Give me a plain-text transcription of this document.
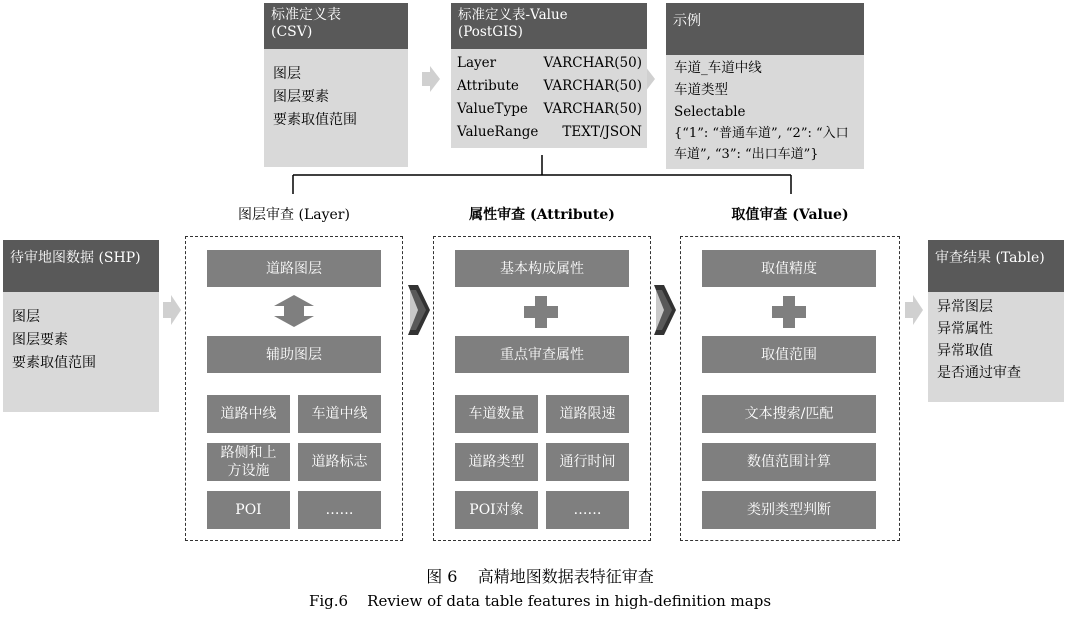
标准定义表
(CSV)
图层
图层要素
要素取值范围
标准定义表-Value
(PostGIS)
Layer	VARCHAR(50)
Attribute VARCHAR(50)
ValueType VARCHAR(50)
ValueRange TEXT/JSON
示例
车道_车道中线
车道类型
Selectable
{“1”: “普通车道”, “2”: “入口车道”, “3”: “出口车道”}
待审地图数据 (SHP)
图层
图层要素
要素取值范围
审查结果 (Table)
异常图层
异常属性
异常取值
是否通过审查
图层审查 (Layer)	属性审查 (Attribute)	取值审查 (Value)
道路图层
辅助图层
道路中线	车道中线
路侧和上方设施
道路标志
POI	……
基本构成属性
重点审查属性
车道数量	道路限速
道路类型	通行时间
POI对象	……
取值精度
取值范围
文本搜索/匹配
数值范围计算
类别类型判断
图 6    高精地图数据表特征审查
Fig.6    Review of data table features in high-definition maps
